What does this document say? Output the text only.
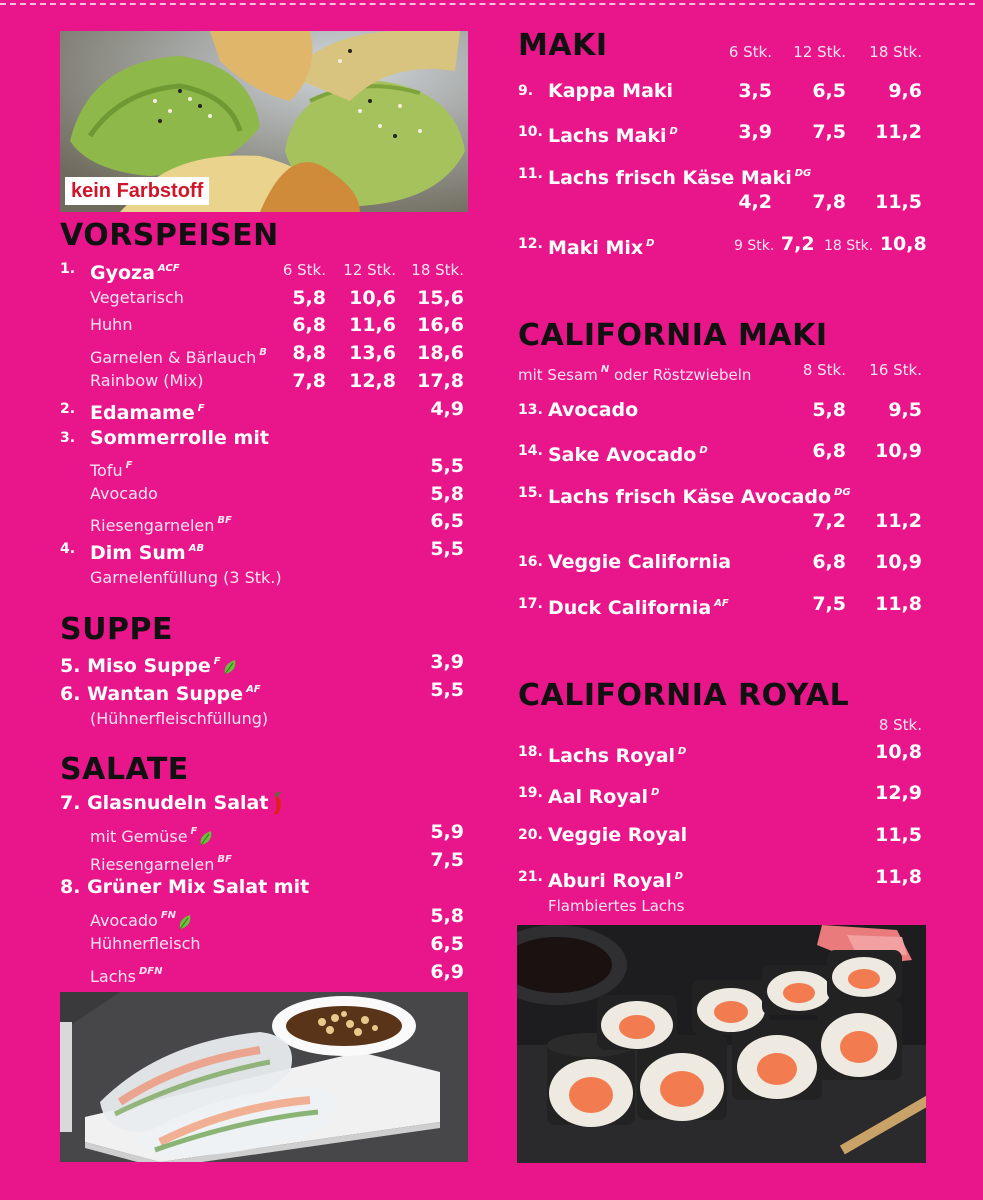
kein Farbstoff
VORSPEISEN
6 Stk.	12 Stk.	18 Stk.
1. Gyoza $^{ACF}$
Vegetarisch	5,8	10,6	15,6
Huhn	6,8	11,6	16,6
Garnelen & Bärlauch $^B$	8,8	13,6	18,6
Rainbow (Mix)	7,8	12,8	17,8
2. Edamame $^F$	4,9
3. Sommerrolle mit
Tofu $^F$	5,5
Avocado	5,8
Riesengarnelen $^{BF}$	6,5
4. Dim Sum $^{AB}$	5,5
Garnelenfüllung (3 Stk.)
SUPPE
5. Miso Suppe $^F$	3,9
6. Wantan Suppe $^{AF}$	5,5
(Hühnerfleischfüllung)
SALATE
7. Glasnudeln Salat
mit Gemüse $^F$	5,9
Riesengarnelen $^{BF}$	7,5
8. Grüner Mix Salat mit
Avocado $^{FN}$	5,8
Hühnerfleisch	6,5
Lachs $^{DFN}$	6,9
MAKI	6 Stk.	12 Stk.	18 Stk.
9. Kappa Maki	3,5	6,5	9,6
10. Lachs Maki $^D$	3,9	7,5	11,2
11. Lachs frisch Käse Maki $^{DG}$
4,2	7,8	11,5
12. Maki Mix $^D$	9 Stk. 7,2 18 Stk. 10,8
CALIFORNIA MAKI
mit Sesam $^N$ oder Röstzwiebeln	8 Stk.	16 Stk.
13. Avocado	5,8	9,5
14. Sake Avocado $^D$	6,8	10,9
15. Lachs frisch Käse Avocado $^{DG}$
7,2	11,2
16. Veggie California	6,8	10,9
17. Duck California $^{AF}$	7,5	11,8
CALIFORNIA ROYAL
8 Stk.
18. Lachs Royal $^D$	10,8
19. Aal Royal $^D$	12,9
20. Veggie Royal	11,5
21. Aburi Royal $^D$	11,8
Flambiertes Lachs
